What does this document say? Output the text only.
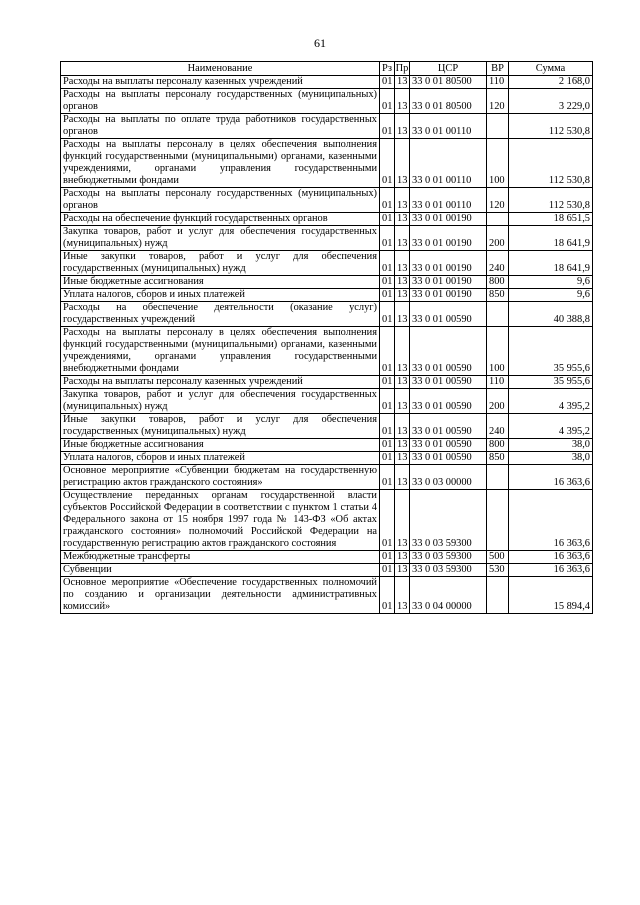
61
Наименование	Рз	Пр	ЦСР	ВР	Сумма
Расходы на выплаты персоналу казенных учреждений	01	13	33 0 01 80500	110	2 168,0
Расходы на выплаты персоналу государственных (муниципальных) органов	01	13	33 0 01 80500	120	3 229,0
Расходы на выплаты по оплате труда работников государственных органов	01	13	33 0 01 00110		112 530,8
Расходы на выплаты персоналу в целях обеспечения выполнения функций государственными (муниципальными) органами, казенными учреждениями, органами управления государственными внебюджетными фондами	01	13	33 0 01 00110	100	112 530,8
Расходы на выплаты персоналу государственных (муниципальных) органов	01	13	33 0 01 00110	120	112 530,8
Расходы на обеспечение функций государственных органов	01	13	33 0 01 00190		18 651,5
Закупка товаров, работ и услуг для обеспечения государственных (муниципальных) нужд	01	13	33 0 01 00190	200	18 641,9
Иные закупки товаров, работ и услуг для обеспечения государственных (муниципальных) нужд	01	13	33 0 01 00190	240	18 641,9
Иные бюджетные ассигнования	01	13	33 0 01 00190	800	9,6
Уплата налогов, сборов и иных платежей	01	13	33 0 01 00190	850	9,6
Расходы на обеспечение деятельности (оказание услуг) государственных учреждений	01	13	33 0 01 00590		40 388,8
Расходы на выплаты персоналу в целях обеспечения выполнения функций государственными (муниципальными) органами, казенными учреждениями, органами управления государственными внебюджетными фондами	01	13	33 0 01 00590	100	35 955,6
Расходы на выплаты персоналу казенных учреждений	01	13	33 0 01 00590	110	35 955,6
Закупка товаров, работ и услуг для обеспечения государственных (муниципальных) нужд	01	13	33 0 01 00590	200	4 395,2
Иные закупки товаров, работ и услуг для обеспечения государственных (муниципальных) нужд	01	13	33 0 01 00590	240	4 395,2
Иные бюджетные ассигнования	01	13	33 0 01 00590	800	38,0
Уплата налогов, сборов и иных платежей	01	13	33 0 01 00590	850	38,0
Основное мероприятие «Субвенции бюджетам на государственную регистрацию актов гражданского состояния»	01	13	33 0 03 00000		16 363,6
Осуществление переданных органам государственной власти субъектов Российской Федерации в соответствии с пунктом 1 статьи 4 Федерального закона от 15 ноября 1997 года № 143-ФЗ «Об актах гражданского состояния» полномочий Российской Федерации на государственную регистрацию актов гражданского состояния	01	13	33 0 03 59300		16 363,6
Межбюджетные трансферты	01	13	33 0 03 59300	500	16 363,6
Субвенции	01	13	33 0 03 59300	530	16 363,6
Основное мероприятие «Обеспечение государственных полномочий по созданию и организации деятельности административных комиссий»	01	13	33 0 04 00000		15 894,4
